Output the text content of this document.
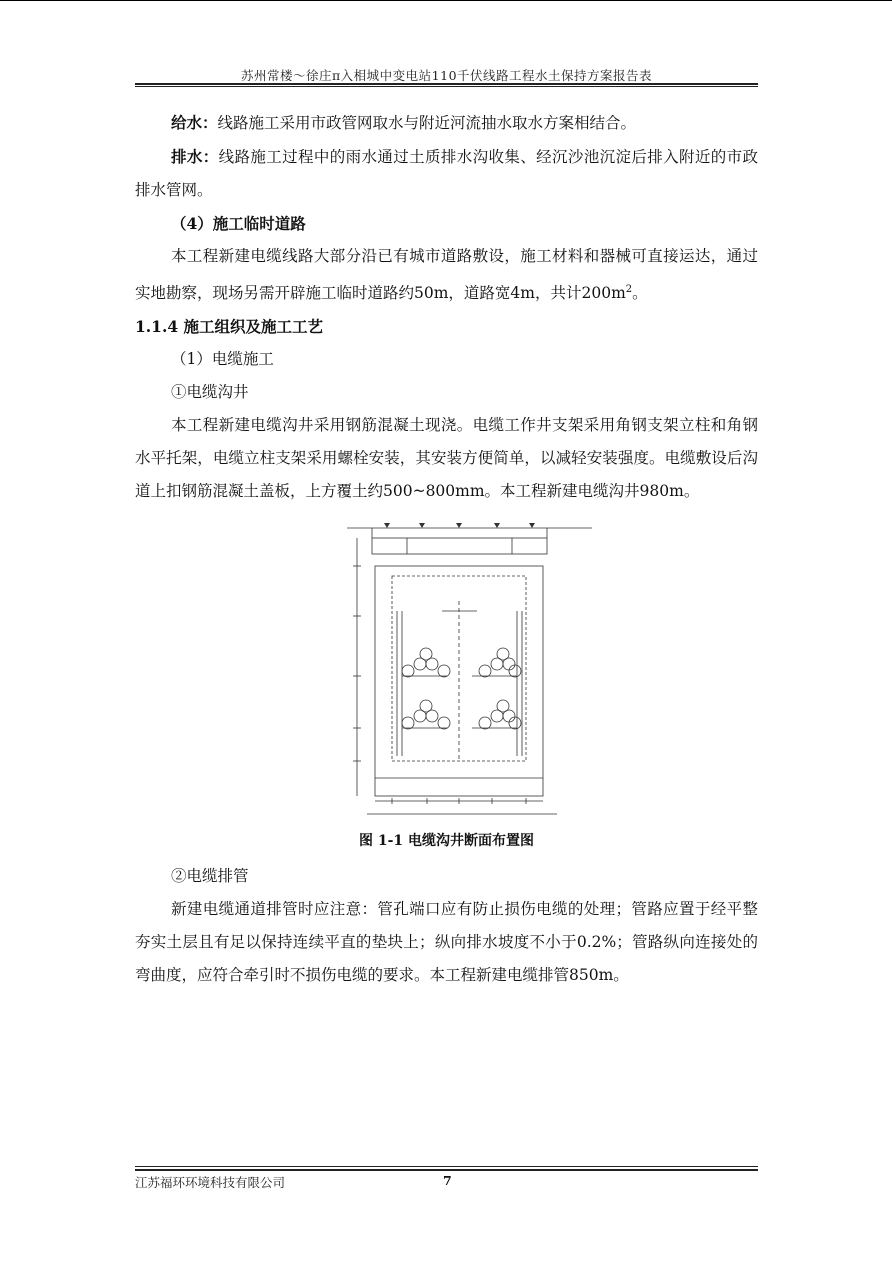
苏州常楼～徐庄π入相城中变电站110千伏线路工程水土保持方案报告表

给水：线路施工采用市政管网取水与附近河流抽水取水方案相结合。

排水：线路施工过程中的雨水通过土质排水沟收集、经沉沙池沉淀后排入附近的市政排水管网。

（4）施工临时道路

本工程新建电缆线路大部分沿已有城市道路敷设，施工材料和器械可直接运达，通过实地勘察，现场另需开辟施工临时道路约50m，道路宽4m，共计$200m^2$。

1.1.4 施工组织及施工工艺

（1）电缆施工

①电缆沟井

本工程新建电缆沟井采用钢筋混凝土现浇。电缆工作井支架采用角钢支架立柱和角钢水平托架，电缆立柱支架采用螺栓安装，其安装方便简单，以减轻安装强度。电缆敷设后沟道上扣钢筋混凝土盖板，上方覆土约500~800mm。本工程新建电缆沟井980m。

图 1-1 电缆沟井断面布置图

②电缆排管

新建电缆通道排管时应注意：管孔端口应有防止损伤电缆的处理；管路应置于经平整夯实土层且有足以保持连续平直的垫块上；纵向排水坡度不小于0.2%；管路纵向连接处的弯曲度，应符合牵引时不损伤电缆的要求。本工程新建电缆排管850m。

江苏福环环境科技有限公司	7
